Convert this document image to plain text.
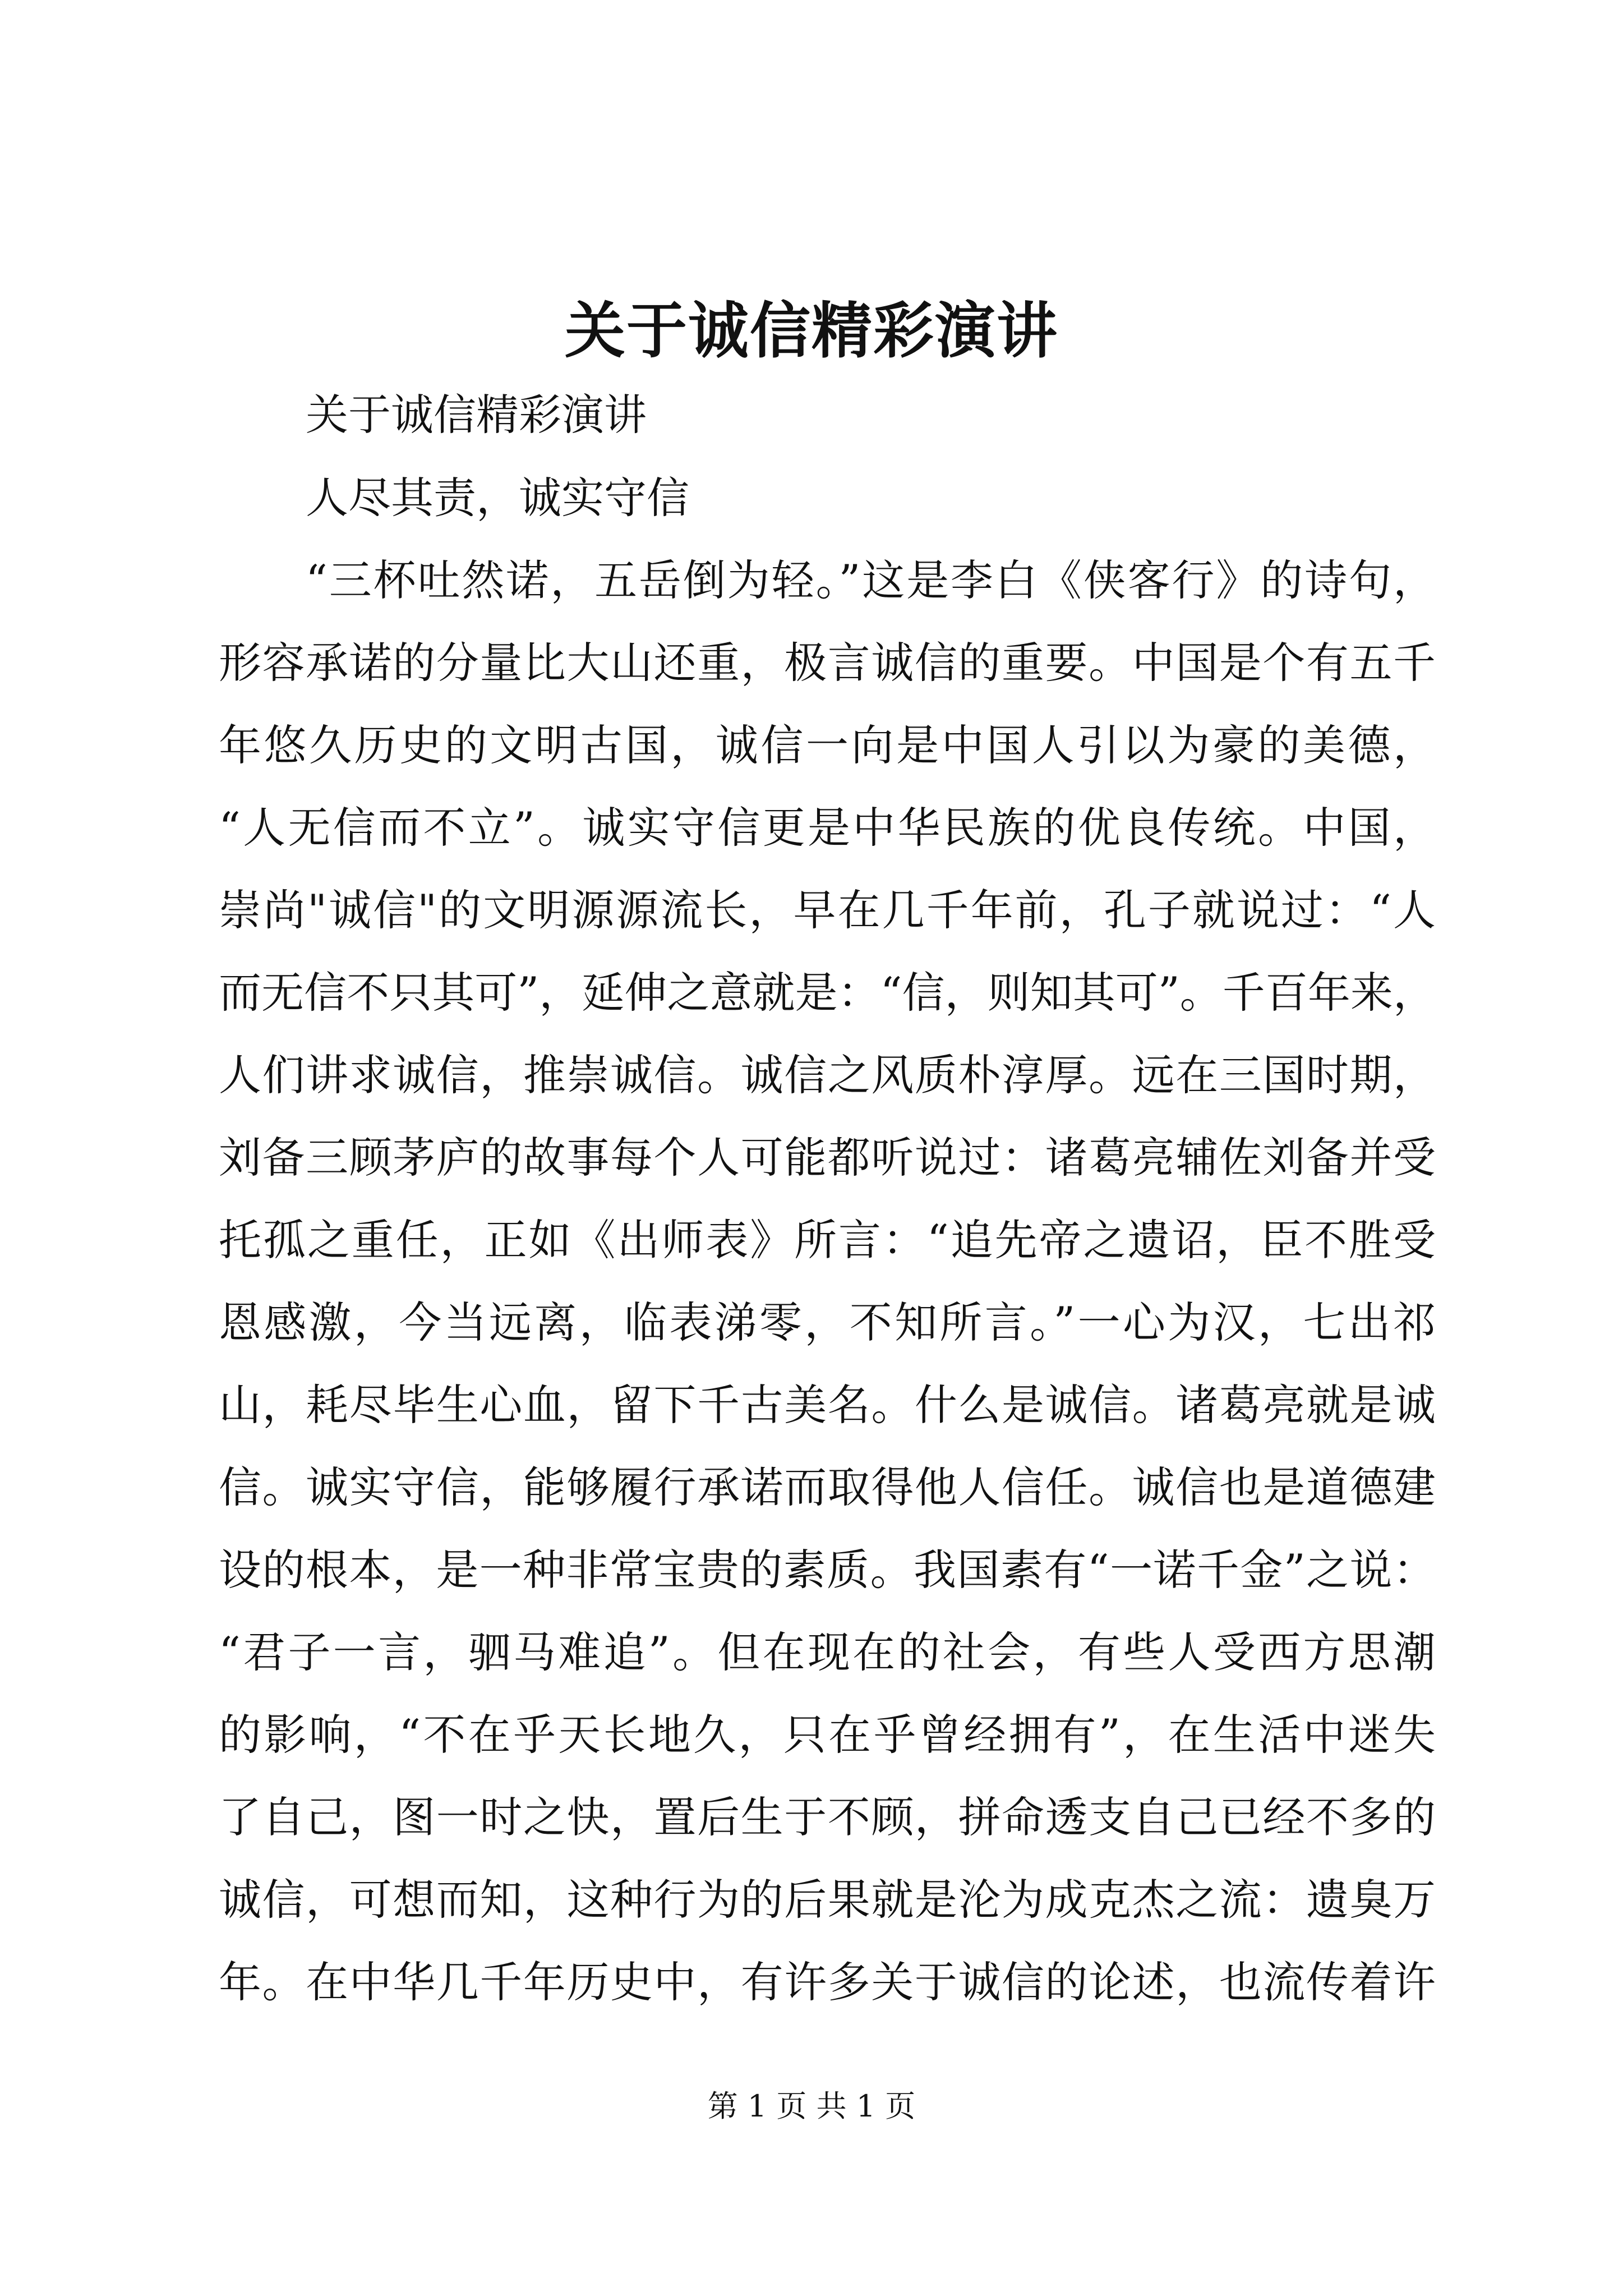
关于诚信精彩演讲
关于诚信精彩演讲
人尽其责，诚实守信
“三杯吐然诺，五岳倒为轻。”这是李白《侠客行》的诗句，
形容承诺的分量比大山还重，极言诚信的重要。中国是个有五千
年悠久历史的文明古国，诚信一向是中国人引以为豪的美德，
“人无信而不立”。诚实守信更是中华民族的优良传统。中国，
崇尚"诚信"的文明源源流长，早在几千年前，孔子就说过：“人
而无信不只其可”，延伸之意就是：“信，则知其可”。千百年来，
人们讲求诚信，推崇诚信。诚信之风质朴淳厚。远在三国时期，
刘备三顾茅庐的故事每个人可能都听说过：诸葛亮辅佐刘备并受
托孤之重任，正如《出师表》所言：“追先帝之遗诏，臣不胜受
恩感激，今当远离，临表涕零，不知所言。”一心为汉，七出祁
山，耗尽毕生心血，留下千古美名。什么是诚信。诸葛亮就是诚
信。诚实守信，能够履行承诺而取得他人信任。诚信也是道德建
设的根本，是一种非常宝贵的素质。我国素有“一诺千金”之说：
“君子一言，驷马难追”。但在现在的社会，有些人受西方思潮
的影响，“不在乎天长地久，只在乎曾经拥有”，在生活中迷失
了自己，图一时之快，置后生于不顾，拼命透支自己已经不多的
诚信，可想而知，这种行为的后果就是沦为成克杰之流：遗臭万
年。在中华几千年历史中，有许多关于诚信的论述，也流传着许
第 1 页 共 1 页
